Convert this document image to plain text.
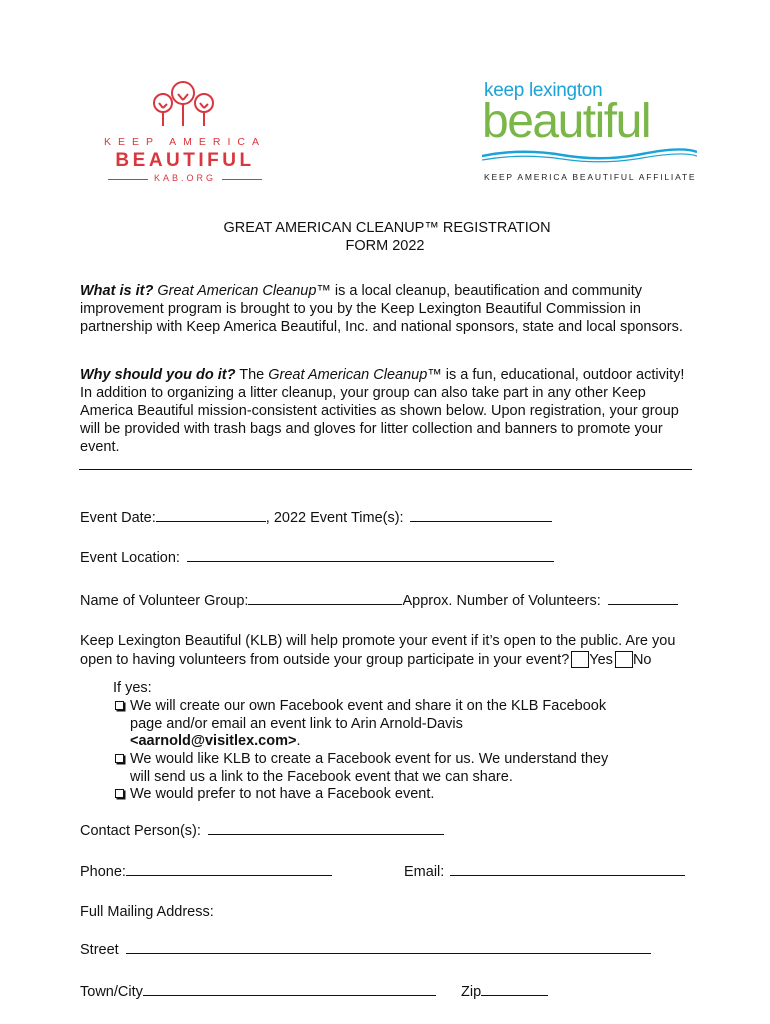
KEEP AMERICA
BEAUTIFUL
KAB.ORG
keep lexington
beautiful
KEEP AMERICA BEAUTIFUL AFFILIATE
GREAT AMERICAN CLEANUP™ REGISTRATION
FORM 2022
What is it? Great American Cleanup™ is a local cleanup, beautification and community improvement program is brought to you by the Keep Lexington Beautiful Commission in partnership with Keep America Beautiful, Inc. and national sponsors, state and local sponsors.
Why should you do it? The Great American Cleanup™ is a fun, educational, outdoor activity! In addition to organizing a litter cleanup, your group can also take part in any other Keep America Beautiful mission-consistent activities as shown below. Upon registration, your group will be provided with trash bags and gloves for litter collection and banners to promote your event.
Event Date:	, 2022 Event Time(s):
Event Location:
Name of Volunteer Group:	Approx. Number of Volunteers:
Keep Lexington Beautiful (KLB) will help promote your event if it’s open to the public. Are you
open to having volunteers from outside your group participate in your event? Yes No
If yes:
We will create our own Facebook event and share it on the KLB Facebook
page and/or email an event link to Arin Arnold-Davis
<aarnold@visitlex.com>.
We would like KLB to create a Facebook event for us. We understand they
will send us a link to the Facebook event that we can share.
We would prefer to not have a Facebook event.
Contact Person(s):
Phone:	Email:
Full Mailing Address:
Street
Town/City	Zip
